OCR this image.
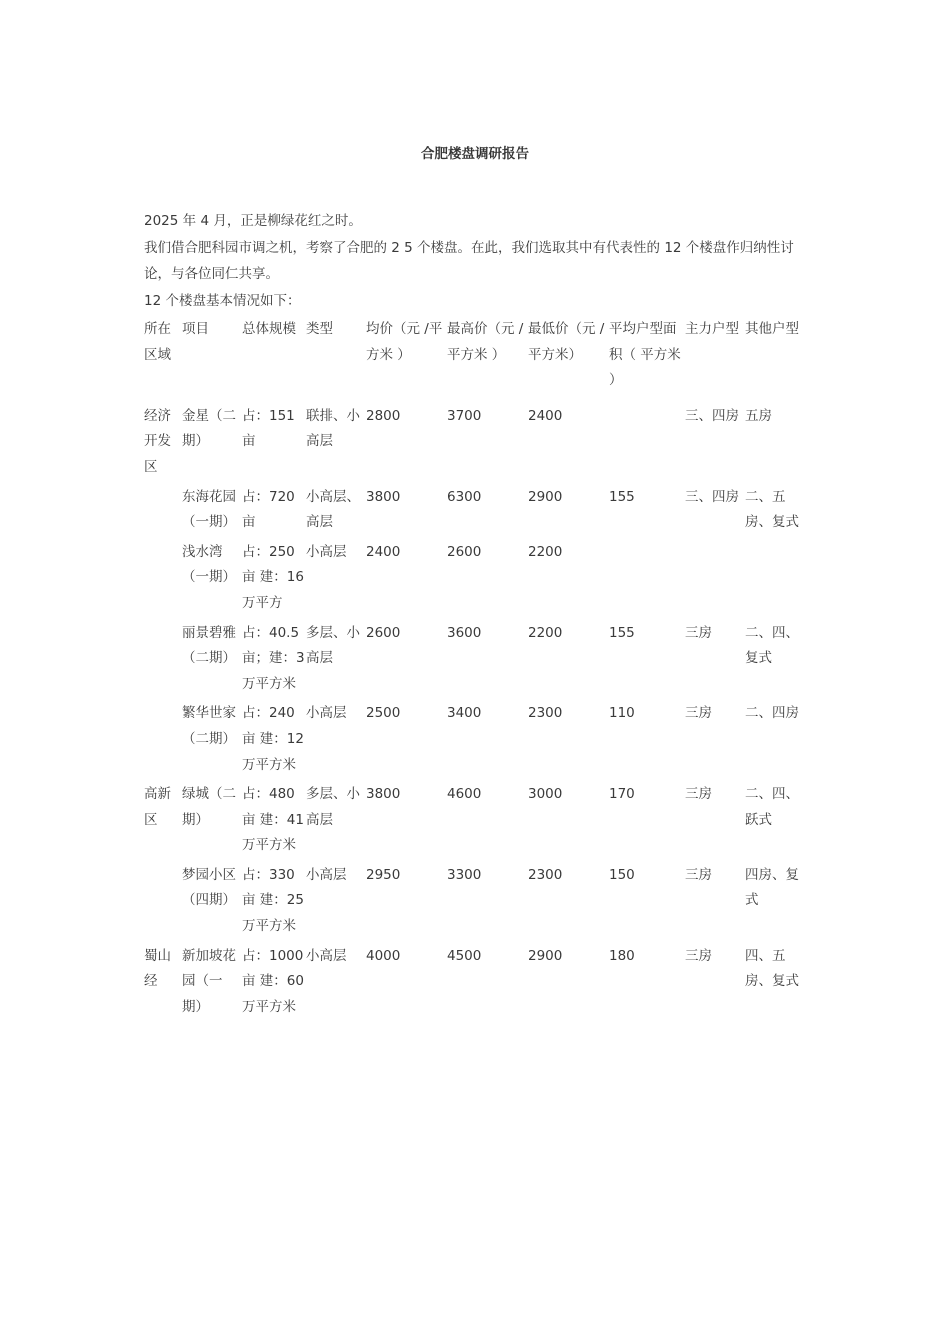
合肥楼盘调研报告
2025 年 4 月，正是柳绿花红之时。
我们借合肥科园市调之机，考察了合肥的 2 5 个楼盘。在此，我们选取其中有代表性的 12 个楼盘作归纳性讨论，与各位同仁共享。
12 个楼盘基本情况如下：
所在区域	项目	总体规模	类型	均价（元 /平方米 ）	最高价（元 /平方米 ）	最低价（元 /平方米）	平均户型面积（ 平方米 ）	主力户型	其他户型
经济开发区	金星（二期）	占：151 亩	联排、小高层	2800	3700	2400		三、四房	五房
	东海花园（一期）	占：720 亩	小高层、高层	3800	6300	2900	155	三、四房	二、五房、复式
	浅水湾（一期）	占：250 亩 建：16 万平方	小高层	2400	2600	2200			
	丽景碧雅（二期）	占：40.5 亩；建：3 万平方米	多层、小高层	2600	3600	2200	155	三房	二、四、复式
	繁华世家（二期）	占：240 亩 建：12 万平方米	小高层	2500	3400	2300	110	三房	二、四房
高新区	绿城（二期）	占：480 亩 建：41 万平方米	多层、小高层	3800	4600	3000	170	三房	二、四、跃式
	梦园小区（四期）	占：330 亩 建：25 万平方米	小高层	2950	3300	2300	150	三房	四房、复式
蜀山经	新加坡花园（一期）	占：1000 亩 建：60 万平方米	小高层	4000	4500	2900	180	三房	四、五房、复式
